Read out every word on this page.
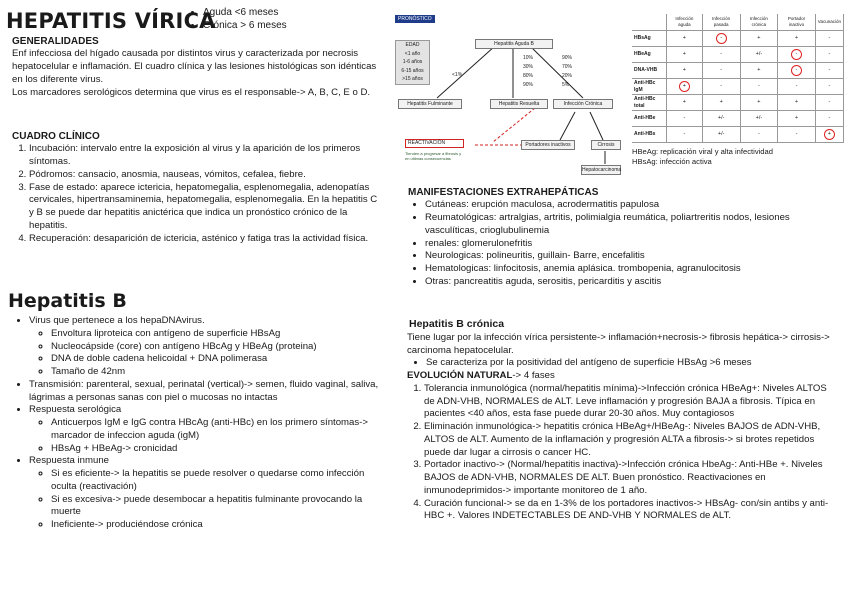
HEPATITIS VÍRICA
• Aguda <6 meses
• Crónica > 6 meses
GENERALIDADES

Enf infecciosa del hígado causada por distintos virus y caracterizada por necrosis hepatocelular e inflamación. El cuadro clínica y las lesiones histológicas son idénticas en los diferente virus.

Los marcadores serológicos determina que virus es el responsable-> A, B, C, E o D.

CUADRO CLÍNICO
1. Incubación: intervalo entre la exposición al virus y la aparición de los primeros síntomas.
2. Pódromos: cansacio, anosmia, nauseas, vómitos, cefalea, fiebre.
3. Fase de estado: aparece ictericia, hepatomegalia, esplenomegalia, adenopatías cervicales, hipertransaminemia, hepatomegalia, esplenomegalia. En la hepatitis C y B se puede dar hepatitis anictérica que indica un pronóstico crónico de la hepatitis.
4. Recuperación: desaparición de ictericia, asténico y fatiga tras la actividad física.
Hepatitis B
• Virus que pertenece a los hepaDNAvirus.
◦ Envoltura liproteica con antígeno de superficie HBsAg
◦ Nucleocápside (core) con antígeno HBcAg y HBeAg (proteina)
◦ DNA de doble cadena helicoidal + DNA polimerasa
◦ Tamaño de 42nm
• Transmisión: parenteral, sexual, perinatal (vertical)-> semen, fluido vaginal, saliva, lágrimas a personas sanas con piel o mucosas no intactas
• Respuesta serológica
◦ Anticuerpos IgM e IgG contra HBcAg (anti-HBc) en los primero síntomas-> marcador de infeccion aguda (igM)
◦ HBsAg + HBeAg-> cronicidad
• Respuesta inmune
◦ Si es eficiente-> la hepatitis se puede resolver o quedarse como infección oculta (reactivación)
◦ Si es excesiva-> puede desembocar a hepatitis fulminante provocando la muerte
◦ Ineficiente-> produciéndose crónica
PRONÓSTICO
Hepatitis Aguda B
EDAD
<1 año
1-6 años
6-15 años
>15 años
<1%
10%
30%
80%
90%
90%
70%
20%
5%
Hepatitis Fulminante	Hepatitis Resuelta	Infección Crónica
REACTIVACIÓN
Tienden a progresar a fibrosis y en últimas consecuencias
Portadores inactivos	Cirrosis
Hepatocarcinoma
	Infección aguda	Infección pasada	Infección crónica	Portador inactivo	Vacunación
HBsAg	+	-	+	+	-
HBeAg	+	-	+/-	-	-
DNA-VHB	+	-	+	-	-
Anti-HBc IgM	+	-	-	-	-
Anti-HBc total	+	+	+	+	-
Anti-HBe	-	+/-	+/-	+	-
Anti-HBs	-	+/-	-	-	+
HBeAg: replicación viral y alta infectividad
HBsAg: infección activa
MANIFESTACIONES EXTRAHEPÁTICAS
• Cutáneas: erupción maculosa, acrodermatitis papulosa
• Reumatológicas: artralgias, artritis, polimialgia reumática, poliartreritis nodos, lesiones vasculíticas, crioglubulinemia
• renales: glomerulonefritis
• Neurologicas: polineuritis, guillain- Barre, encefalitis
• Hematologicas: linfocitosis, anemia aplásica. trombopenia, agranulocitosis
• Otras: pancreatitis aguda, serositis, pericarditis y ascitis
Hepatitis B crónica

Tiene lugar por la infección vírica persistente-> inflamación+necrosis-> fibrosis hepática-> cirrosis-> carcinoma hepatocelular.

• Se caracteriza por la positividad del antígeno de superficie HBsAg >6 meses
EVOLUCIÓN NATURAL-> 4 fases
1. Tolerancia inmunológica (normal/hepatitis mínima)->Infección crónica HBeAg+: Niveles ALTOS de ADN-VHB, NORMALES de ALT. Leve inflamación y progresión BAJA a fibrosis. Típica en pacientes <40 años, esta fase puede durar 20-30 años. Muy contagiosos
2. Eliminación inmunológica-> hepatitis crónica HBeAg+/HBeAg-: Niveles BAJOS de ADN-VHB, ALTOS de ALT. Aumento de la inflamación y progresión ALTA a fibrosis-> si brotes repetidos puede dar lugar a cirrosis o cancer HC.
3. Portador inactivo-> (Normal/hepatitis inactiva)->Infección crónica HbeAg-: Anti-HBe +. Niveles BAJOS de ADN-VHB, NORMALES DE ALT. Buen pronóstico. Reactivaciones en inmunodeprimidos-> importante monitoreo de 1 año.
4. Curación funcional-> se da en 1-3% de los portadores inactivos-> HBsAg- con/sin antibs y anti-HBC +. Valores INDETECTABLES DE AND-VHB Y NORMALES de ALT.
